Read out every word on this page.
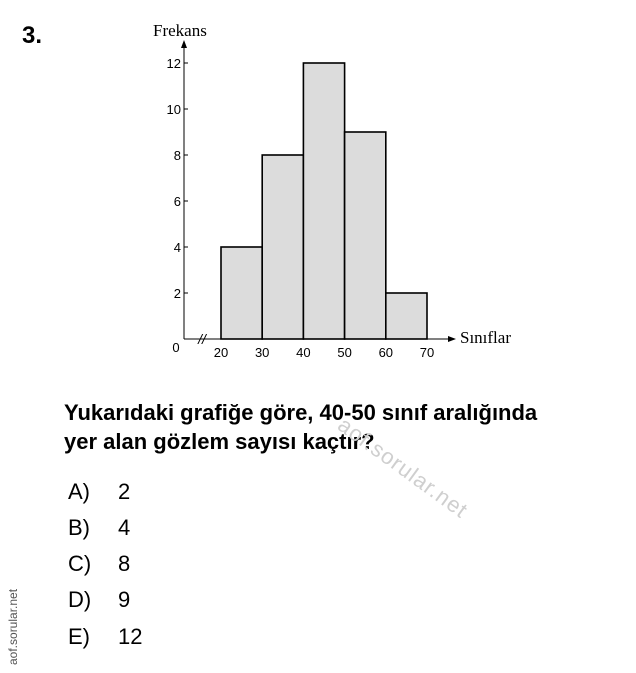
3.	Frekans
Sınıflar
0
//
2
4
6
8
10
12
20 30 40 50 60 70
Yukarıdaki grafiğe göre, 40-50 sınıf aralığında
yer alan gözlem sayısı kaçtır?
A) 2
B) 4
C) 8
D) 9
E) 12
aof.sorular.net
aof.sorular.net
